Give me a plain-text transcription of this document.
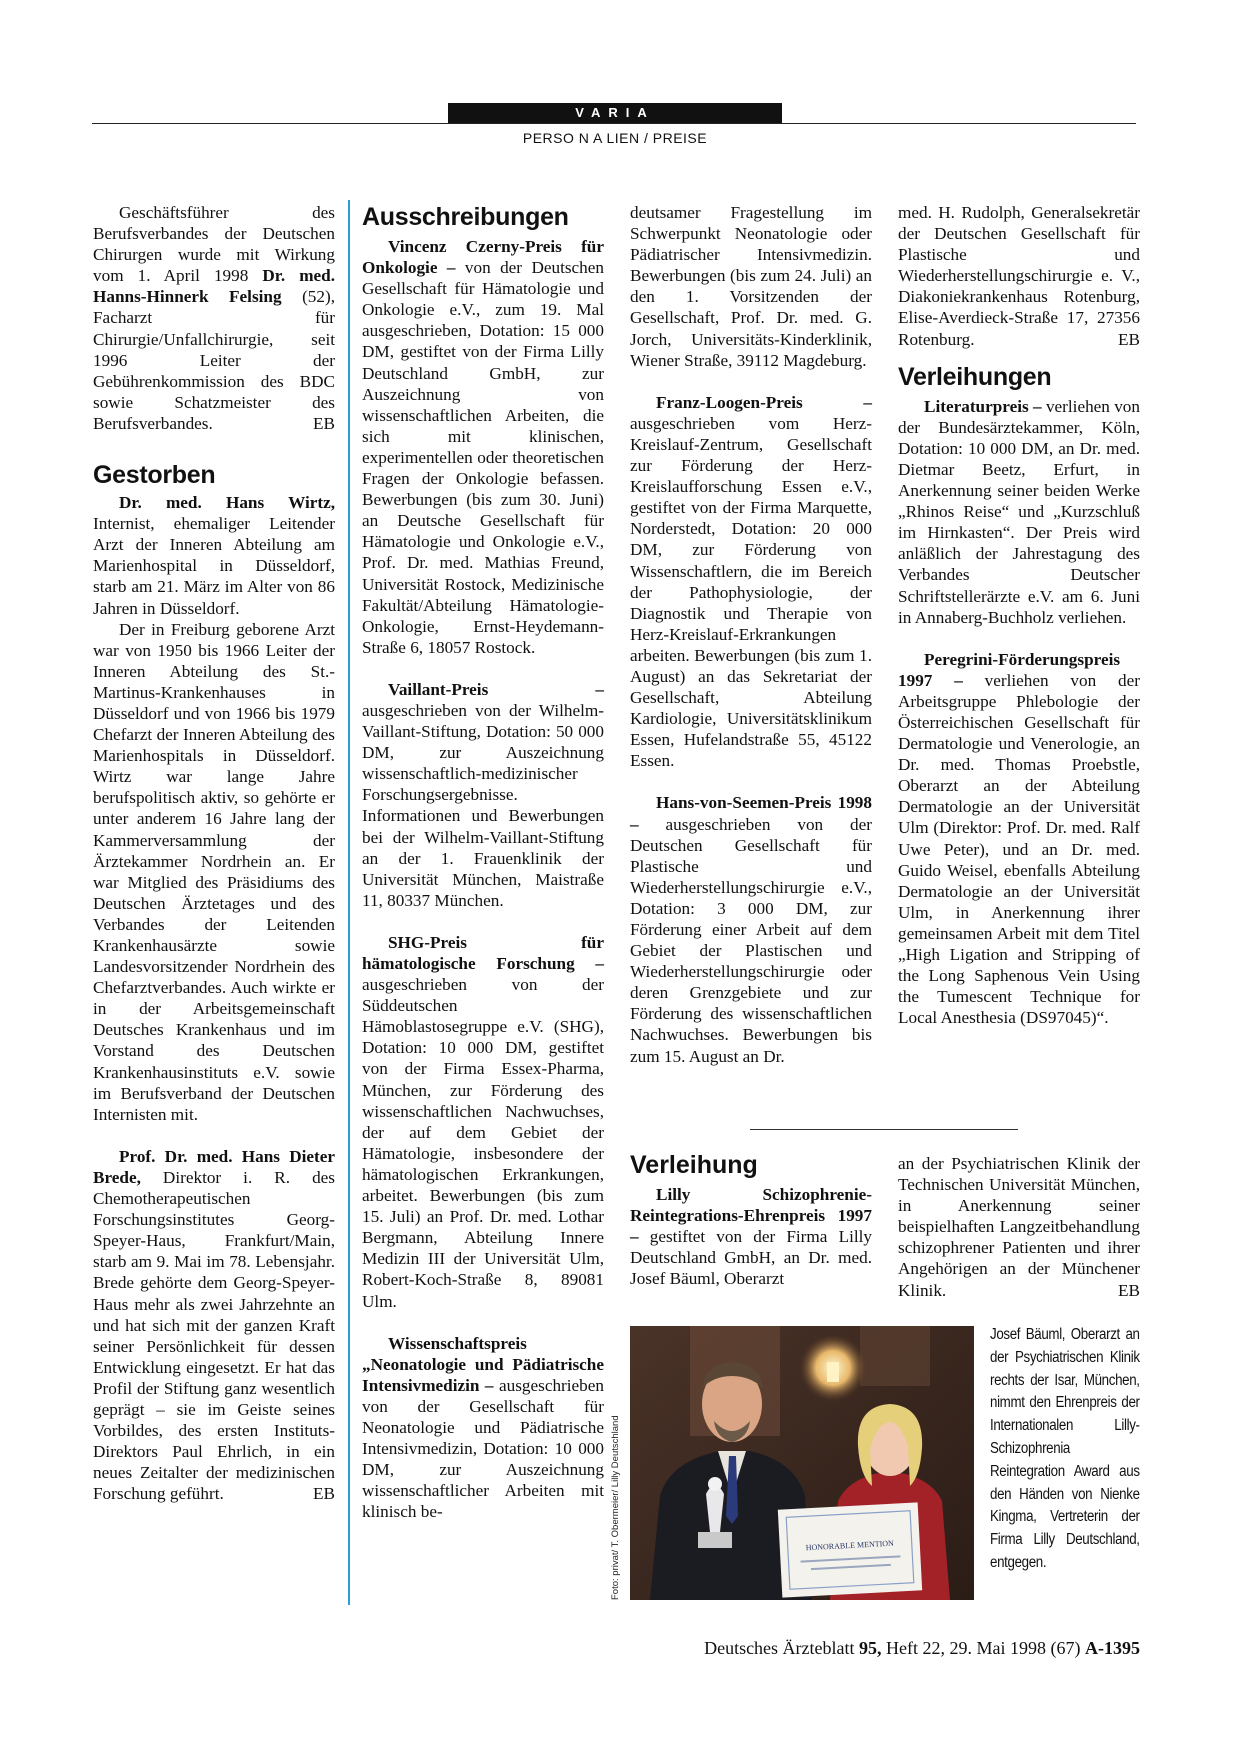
VARIA
PERSO N A LIEN / PREISE

Geschäftsführer des Berufsverbandes der Deutschen Chirurgen wurde mit Wirkung vom 1. April 1998 Dr. med. Hanns-Hinnerk Felsing (52), Facharzt für Chirurgie/Unfallchirurgie, seit 1996 Leiter der Gebührenkommission des BDC sowie Schatzmeister des Berufsverbandes.	EB

Gestorben

Dr. med. Hans Wirtz, Internist, ehemaliger Leitender Arzt der Inneren Abteilung am Marienhospital in Düsseldorf, starb am 21. März im Alter von 86 Jahren in Düsseldorf.

Der in Freiburg geborene Arzt war von 1950 bis 1966 Leiter der Inneren Abteilung des St.-Martinus-Krankenhauses in Düsseldorf und von 1966 bis 1979 Chefarzt der Inneren Abteilung des Marienhospitals in Düsseldorf. Wirtz war lange Jahre berufspolitisch aktiv, so gehörte er unter anderem 16 Jahre lang der Kammerversammlung der Ärztekammer Nordrhein an. Er war Mitglied des Präsidiums des Deutschen Ärztetages und des Verbandes der Leitenden Krankenhausärzte sowie Landesvorsitzender Nordrhein des Chefarztverbandes. Auch wirkte er in der Arbeitsgemeinschaft Deutsches Krankenhaus und im Vorstand des Deutschen Krankenhausinstituts e.V. sowie im Berufsverband der Deutschen Internisten mit.

Prof. Dr. med. Hans Dieter Brede, Direktor i. R. des Chemotherapeutischen Forschungsinstitutes Georg-Speyer-Haus, Frankfurt/Main, starb am 9. Mai im 78. Lebensjahr. Brede gehörte dem Georg-Speyer-Haus mehr als zwei Jahrzehnte an und hat sich mit der ganzen Kraft seiner Persönlichkeit für dessen Entwicklung eingesetzt. Er hat das Profil der Stiftung ganz wesentlich geprägt – sie im Geiste seines Vorbildes, des ersten Instituts-Direktors Paul Ehrlich, in ein neues Zeitalter der medizinischen Forschung geführt.	EB

Ausschreibungen

Vincenz Czerny-Preis für Onkologie – von der Deutschen Gesellschaft für Hämatologie und Onkologie e.V., zum 19. Mal ausgeschrieben, Dotation: 15 000 DM, gestiftet von der Firma Lilly Deutschland GmbH, zur Auszeichnung von wissenschaftlichen Arbeiten, die sich mit klinischen, experimentellen oder theoretischen Fragen der Onkologie befassen. Bewerbungen (bis zum 30. Juni) an Deutsche Gesellschaft für Hämatologie und Onkologie e.V., Prof. Dr. med. Mathias Freund, Universität Rostock, Medizinische Fakultät/Abteilung Hämatologie-Onkologie, Ernst-Heydemann-Straße 6, 18057 Rostock.

Vaillant-Preis – ausgeschrieben von der Wilhelm-Vaillant-Stiftung, Dotation: 50 000 DM, zur Auszeichnung wissenschaftlich-medizinischer Forschungsergebnisse. Informationen und Bewerbungen bei der Wilhelm-Vaillant-Stiftung an der 1. Frauenklinik der Universität München, Maistraße 11, 80337 München.

SHG-Preis für hämatologische Forschung – ausgeschrieben von der Süddeutschen Hämoblastosegruppe e.V. (SHG), Dotation: 10 000 DM, gestiftet von der Firma Essex-Pharma, München, zur Förderung des wissenschaftlichen Nachwuchses, der auf dem Gebiet der Hämatologie, insbesondere der hämatologischen Erkrankungen, arbeitet. Bewerbungen (bis zum 15. Juli) an Prof. Dr. med. Lothar Bergmann, Abteilung Innere Medizin III der Universität Ulm, Robert-Koch-Straße 8, 89081 Ulm.

Wissenschaftspreis „Neonatologie und Pädiatrische Intensivmedizin – ausgeschrieben von der Gesellschaft für Neonatologie und Pädiatrische Intensivmedizin, Dotation: 10 000 DM, zur Auszeichnung wissenschaftlicher Arbeiten mit klinisch be-

deutsamer Fragestellung im Schwerpunkt Neonatologie oder Pädiatrischer Intensivmedizin. Bewerbungen (bis zum 24. Juli) an den 1. Vorsitzenden der Gesellschaft, Prof. Dr. med. G. Jorch, Universitäts-Kinderklinik, Wiener Straße, 39112 Magdeburg.

Franz-Loogen-Preis – ausgeschrieben vom Herz-Kreislauf-Zentrum, Gesellschaft zur Förderung der Herz-Kreislaufforschung Essen e.V., gestiftet von der Firma Marquette, Norderstedt, Dotation: 20 000 DM, zur Förderung von Wissenschaftlern, die im Bereich der Pathophysiologie, der Diagnostik und Therapie von Herz-Kreislauf-Erkrankungen arbeiten. Bewerbungen (bis zum 1. August) an das Sekretariat der Gesellschaft, Abteilung Kardiologie, Universitätsklinikum Essen, Hufelandstraße 55, 45122 Essen.

Hans-von-Seemen-Preis 1998 – ausgeschrieben von der Deutschen Gesellschaft für Plastische und Wiederherstellungschirurgie e.V., Dotation: 3 000 DM, zur Förderung einer Arbeit auf dem Gebiet der Plastischen und Wiederherstellungschirurgie oder deren Grenzgebiete und zur Förderung des wissenschaftlichen Nachwuchses. Bewerbungen bis zum 15. August an Dr.

med. H. Rudolph, Generalsekretär der Deutschen Gesellschaft für Plastische und Wiederherstellungschirurgie e. V., Diakoniekrankenhaus Rotenburg, Elise-Averdieck-Straße 17, 27356 Rotenburg.	EB

Verleihungen

Literaturpreis – verliehen von der Bundesärztekammer, Köln, Dotation: 10 000 DM, an Dr. med. Dietmar Beetz, Erfurt, in Anerkennung seiner beiden Werke „Rhinos Reise“ und „Kurzschluß im Hirnkasten“. Der Preis wird anläßlich der Jahrestagung des Verbandes Deutscher Schriftstellerärzte e.V. am 6. Juni in Annaberg-Buchholz verliehen.

Peregrini-Förderungspreis 1997 – verliehen von der Arbeitsgruppe Phlebologie der Österreichischen Gesellschaft für Dermatologie und Venerologie, an Dr. med. Thomas Proebstle, Oberarzt an der Abteilung Dermatologie an der Universität Ulm (Direktor: Prof. Dr. med. Ralf Uwe Peter), und an Dr. med. Guido Weisel, ebenfalls Abteilung Dermatologie an der Universität Ulm, in Anerkennung ihrer gemeinsamen Arbeit mit dem Titel „High Ligation and Stripping of the Long Saphenous Vein Using the Tumescent Technique for Local Anesthesia (DS97045)“.

Verleihung

Lilly Schizophrenie-Reintegrations-Ehrenpreis 1997 – gestiftet von der Firma Lilly Deutschland GmbH, an Dr. med. Josef Bäuml, Oberarzt

an der Psychiatrischen Klinik der Technischen Universität München, in Anerkennung seiner beispielhaften Langzeitbehandlung schizophrener Patienten und ihrer Angehörigen an der Münchener Klinik.	EB

Foto: privat/ T. Obermeier/ Lilly Deutschland	HONORABLE MENTION
Josef Bäuml, Oberarzt an der Psychiatrischen Klinik rechts der Isar, München, nimmt den Ehrenpreis der Internationalen Lilly-Schizophrenia Reintegration Award aus den Händen von Nienke Kingma, Vertreterin der Firma Lilly Deutschland, entgegen.
Deutsches Ärzteblatt 95, Heft 22, 29. Mai 1998 (67) A-1395
